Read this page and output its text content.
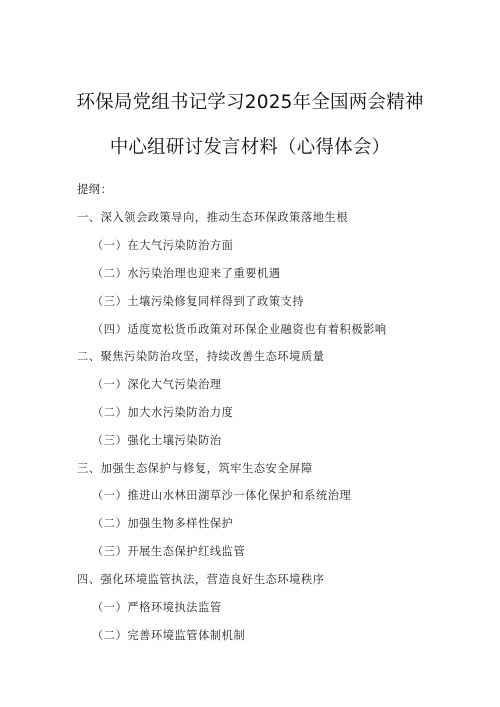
环保局党组书记学习2025年全国两会精神
中心组研讨发言材料（心得体会）
提纲：
一、深入领会政策导向，推动生态环保政策落地生根
（一）在大气污染防治方面
（二）水污染治理也迎来了重要机遇
（三）土壤污染修复同样得到了政策支持
（四）适度宽松货币政策对环保企业融资也有着积极影响
二、聚焦污染防治攻坚，持续改善生态环境质量
（一）深化大气污染治理
（二）加大水污染防治力度
（三）强化土壤污染防治
三、加强生态保护与修复，筑牢生态安全屏障
（一）推进山水林田湖草沙一体化保护和系统治理
（二）加强生物多样性保护
（三）开展生态保护红线监管
四、强化环境监管执法，营造良好生态环境秩序
（一）严格环境执法监管
（二）完善环境监管体制机制
